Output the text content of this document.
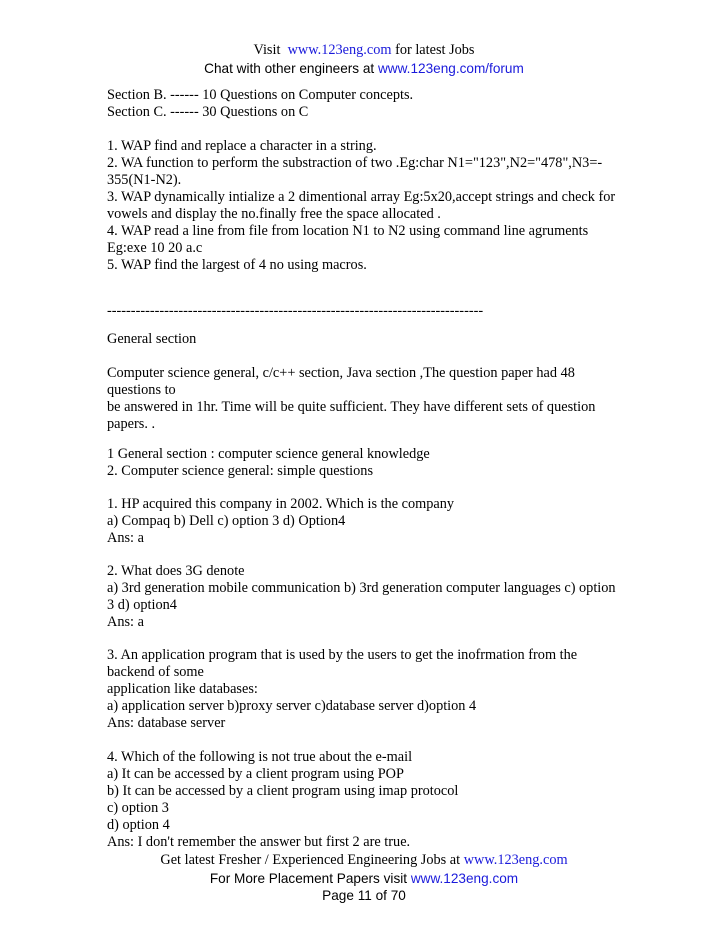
Visit www.123eng.com for latest Jobs
Chat with other engineers at www.123eng.com/forum
Section B. ------ 10 Questions on Computer concepts.
Section C. ------ 30 Questions on C
1. WAP find and replace a character in a string.
2. WA function to perform the substraction of two .Eg:char N1="123",N2="478",N3=-
355(N1-N2).
3. WAP dynamically intialize a 2 dimentional array Eg:5x20,accept strings and check for
vowels and display the no.finally free the space allocated .
4. WAP read a line from file from location N1 to N2 using command line agruments
Eg:exe 10 20 a.c
5. WAP find the largest of 4 no using macros.
-------------------------------------------------------------------------------
General section
Computer science general, c/c++ section, Java section ,The question paper had 48
questions to
be answered in 1hr. Time will be quite sufficient. They have different sets of question
papers. .
1 General section : computer science general knowledge
2. Computer science general: simple questions
1. HP acquired this company in 2002. Which is the company
a) Compaq b) Dell c) option 3 d) Option4
Ans: a
2. What does 3G denote
a) 3rd generation mobile communication b) 3rd generation computer languages c) option
3 d) option4
Ans: a
3. An application program that is used by the users to get the inofrmation from the
backend of some
application like databases:
a) application server b)proxy server c)database server d)option 4
Ans: database server
4. Which of the following is not true about the e-mail
a) It can be accessed by a client program using POP
b) It can be accessed by a client program using imap protocol
c) option 3
d) option 4
Ans: I don't remember the answer but first 2 are true.
Get latest Fresher / Experienced Engineering Jobs at www.123eng.com
For More Placement Papers visit www.123eng.com
Page 11 of 70
